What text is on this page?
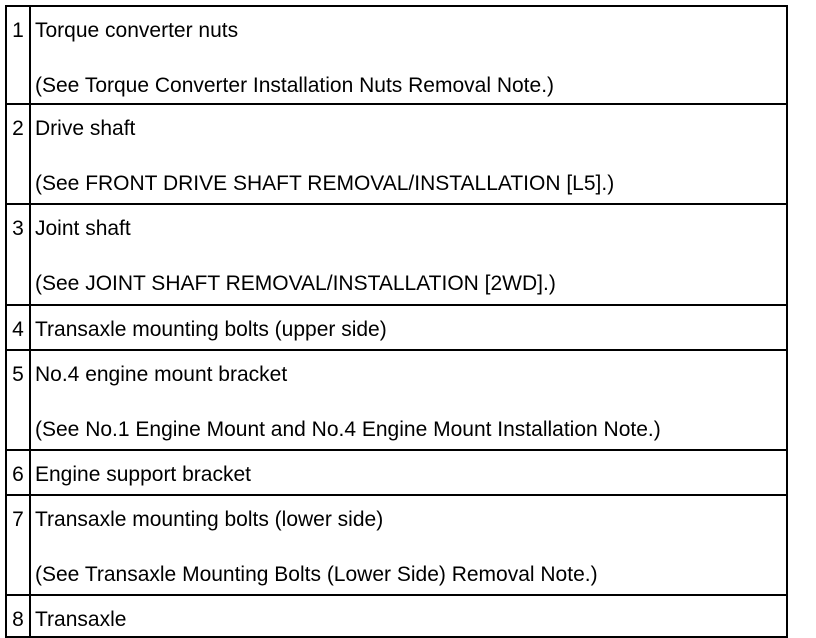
1	Torque converter nuts
(See Torque Converter Installation Nuts Removal Note.)

2	Drive shaft
(See FRONT DRIVE SHAFT REMOVAL/INSTALLATION [L5].)

3	Joint shaft
(See JOINT SHAFT REMOVAL/INSTALLATION [2WD].)

4	Transaxle mounting bolts (upper side)

5	No.4 engine mount bracket
(See No.1 Engine Mount and No.4 Engine Mount Installation Note.)

6	Engine support bracket

7	Transaxle mounting bolts (lower side)
(See Transaxle Mounting Bolts (Lower Side) Removal Note.)

8	Transaxle
